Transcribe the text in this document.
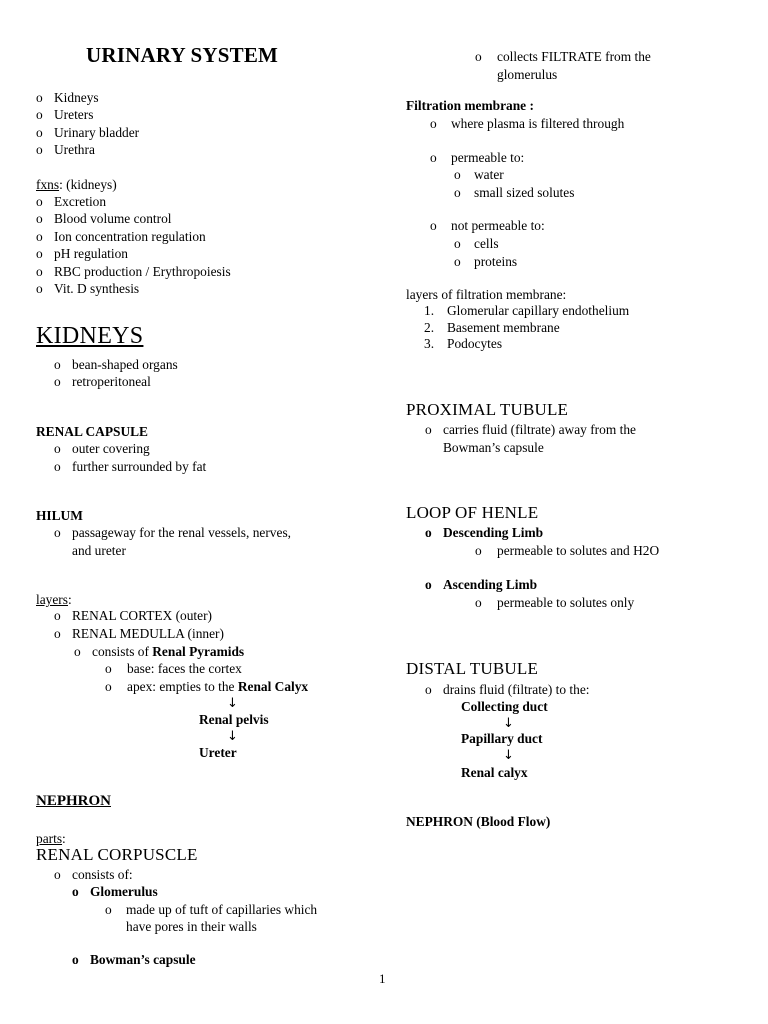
URINARY SYSTEM
o Kidneys
o Ureters
o Urinary bladder
o Urethra
fxns: (kidneys)
o Excretion
o Blood volume control
o Ion concentration regulation
o pH regulation
o RBC production / Erythropoiesis
o Vit. D synthesis
KIDNEYS
o bean-shaped organs
o retroperitoneal
RENAL CAPSULE
o outer covering
o further surrounded by fat
HILUM
o passageway for the renal vessels, nerves,
and ureter
layers:
o RENAL CORTEX (outer)
o RENAL MEDULLA (inner)
o consists of Renal Pyramids
o base: faces the cortex
o apex: empties to the Renal Calyx
↓
Renal pelvis
↓
Ureter
NEPHRON
parts:
RENAL CORPUSCLE
o consists of:
o Glomerulus
o made up of tuft of capillaries which
have pores in their walls
o Bowman’s capsule
o collects FILTRATE from the
glomerulus
Filtration membrane :
o where plasma is filtered through
o permeable to:
o water
o small sized solutes
o not permeable to:
o cells
o proteins
layers of filtration membrane:
1. Glomerular capillary endothelium
2. Basement membrane
3. Podocytes
PROXIMAL TUBULE
o carries fluid (filtrate) away from the
Bowman’s capsule
LOOP OF HENLE
o Descending Limb
o permeable to solutes and H2O
o Ascending Limb
o permeable to solutes only
DISTAL TUBULE
o drains fluid (filtrate) to the:
Collecting duct
↓
Papillary duct
↓
Renal calyx
NEPHRON (Blood Flow)
1
